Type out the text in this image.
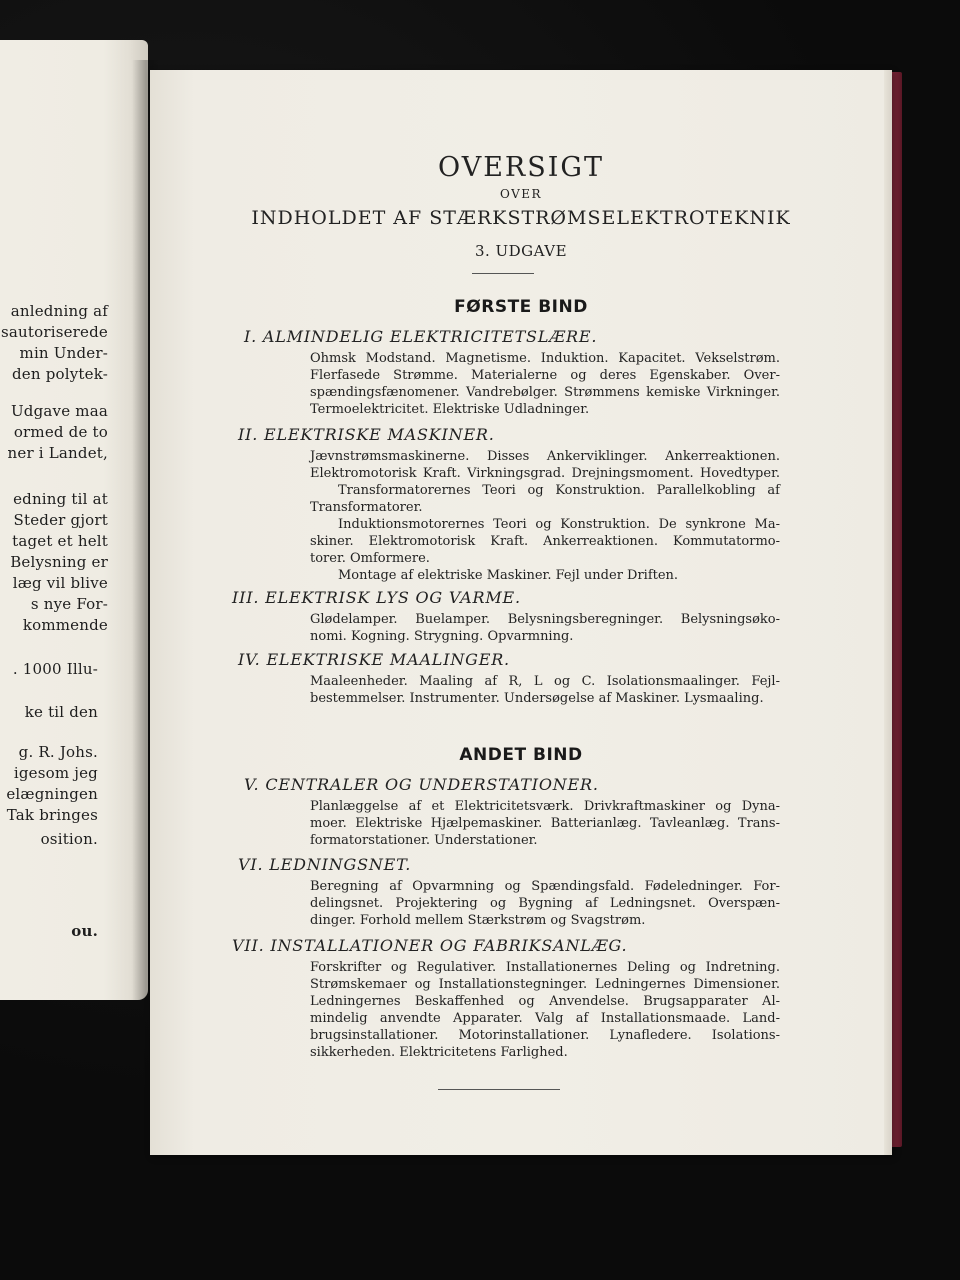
anledning af
sautoriserede
min Under-
den polytek-
Udgave maa
ormed de to
ner i Landet,
edning til at
Steder gjort
taget et helt
Belysning er
læg vil blive
s nye For-
kommende
. 1000 Illu-
ke til den
g. R. Johs.
igesom jeg
elægningen
Tak bringes
osition.
ou.
OVERSIGT
OVER
INDHOLDET AF STÆRKSTRØMSELEKTROTEKNIK
3. UDGAVE
FØRSTE BIND
I. ALMINDELIG ELEKTRICITETSLÆRE.
Ohmsk Modstand. Magnetisme. Induktion. Kapacitet. Vekselstrøm.
Flerfasede Strømme. Materialerne og deres Egenskaber. Over-
spændingsfænomener. Vandrebølger. Strømmens kemiske Virkninger.
Termoelektricitet. Elektriske Udladninger.
II. ELEKTRISKE MASKINER.
Jævnstrømsmaskinerne. Disses Ankerviklinger. Ankerreaktionen.
Elektromotorisk Kraft. Virkningsgrad. Drejningsmoment. Hovedtyper.
Transformatorernes Teori og Konstruktion. Parallelkobling af
Transformatorer.
Induktionsmotorernes Teori og Konstruktion. De synkrone Ma-
skiner. Elektromotorisk Kraft. Ankerreaktionen. Kommutatormo-
torer. Omformere.
Montage af elektriske Maskiner. Fejl under Driften.
III. ELEKTRISK LYS OG VARME.
Glødelamper. Buelamper. Belysningsberegninger. Belysningsøko-
nomi. Kogning. Strygning. Opvarmning.
IV. ELEKTRISKE MAALINGER.
Maaleenheder. Maaling af R, L og C. Isolationsmaalinger. Fejl-
bestemmelser. Instrumenter. Undersøgelse af Maskiner. Lysmaaling.
ANDET BIND
V. CENTRALER OG UNDERSTATIONER.
Planlæggelse af et Elektricitetsværk. Drivkraftmaskiner og Dyna-
moer. Elektriske Hjælpemaskiner. Batterianlæg. Tavleanlæg. Trans-
formatorstationer. Understationer.
VI. LEDNINGSNET.
Beregning af Opvarmning og Spændingsfald. Fødeledninger. For-
delingsnet. Projektering og Bygning af Ledningsnet. Overspæn-
dinger. Forhold mellem Stærkstrøm og Svagstrøm.
VII. INSTALLATIONER OG FABRIKSANLÆG.
Forskrifter og Regulativer. Installationernes Deling og Indretning.
Strømskemaer og Installationstegninger. Ledningernes Dimensioner.
Ledningernes Beskaffenhed og Anvendelse. Brugsapparater Al-
mindelig anvendte Apparater. Valg af Installationsmaade. Land-
brugsinstallationer. Motorinstallationer. Lynafledere. Isolations-
sikkerheden. Elektricitetens Farlighed.
